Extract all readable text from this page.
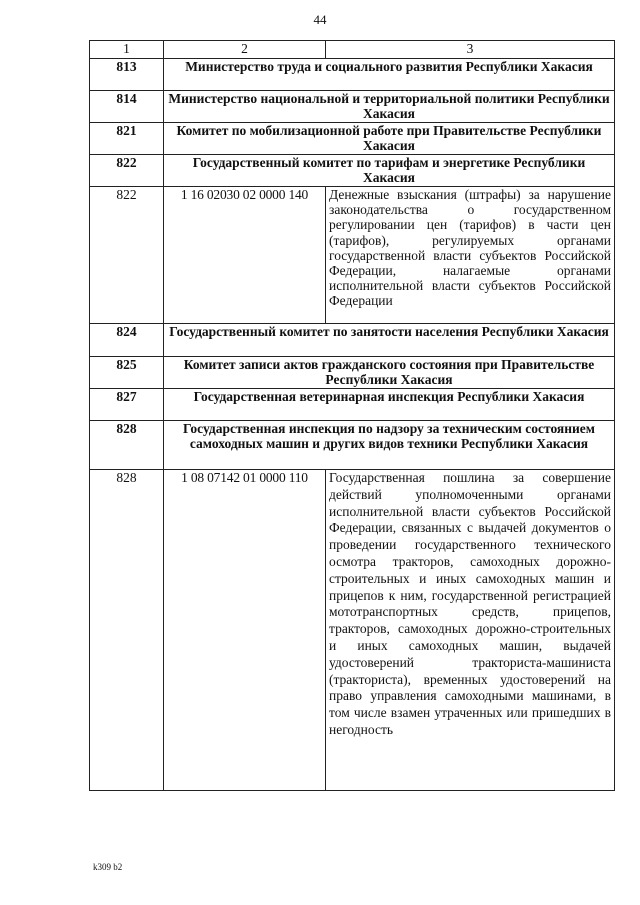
44
1	2	3
813	Министерство труда и социального развития Республики Хакасия	
814	Министерство национальной и территориальной политики Республики Хакасия	
821	Комитет по мобилизационной работе при Правительстве Республики Хакасия	
822	Государственный комитет по тарифам и энергетике Республики Хакасия	
822	1 16 02030 02 0000 140	Денежные взыскания (штрафы) за нарушение законодательства о государственном регулировании цен (тарифов) в части цен (тарифов), регулируемых органами государственной власти субъектов Российской Федерации, налагаемые органами исполнительной власти субъектов Российской Федерации
824	Государственный комитет по занятости населения Республики Хакасия	
825	Комитет записи актов гражданского состояния при Правительстве Республики Хакасия	
827	Государственная ветеринарная инспекция Республики Хакасия	
828	Государственная инспекция по надзору за техническим состоянием самоходных машин и других видов техники Республики Хакасия	
828	1 08 07142 01 0000 110	Государственная пошлина за совершение действий уполномоченными органами исполнительной власти субъектов Российской Федерации, связанных с выдачей документов о проведении государственного технического осмотра тракторов, самоходных дорожно-строительных и иных самоходных машин и прицепов к ним, государственной регистрацией мототранспортных средств, прицепов, тракторов, самоходных дорожно-строительных и иных самоходных машин, выдачей удостоверений тракториста-машиниста (тракториста), временных удостоверений на право управления самоходными машинами, в том числе взамен утраченных или пришедших в негодность
k309 b2
